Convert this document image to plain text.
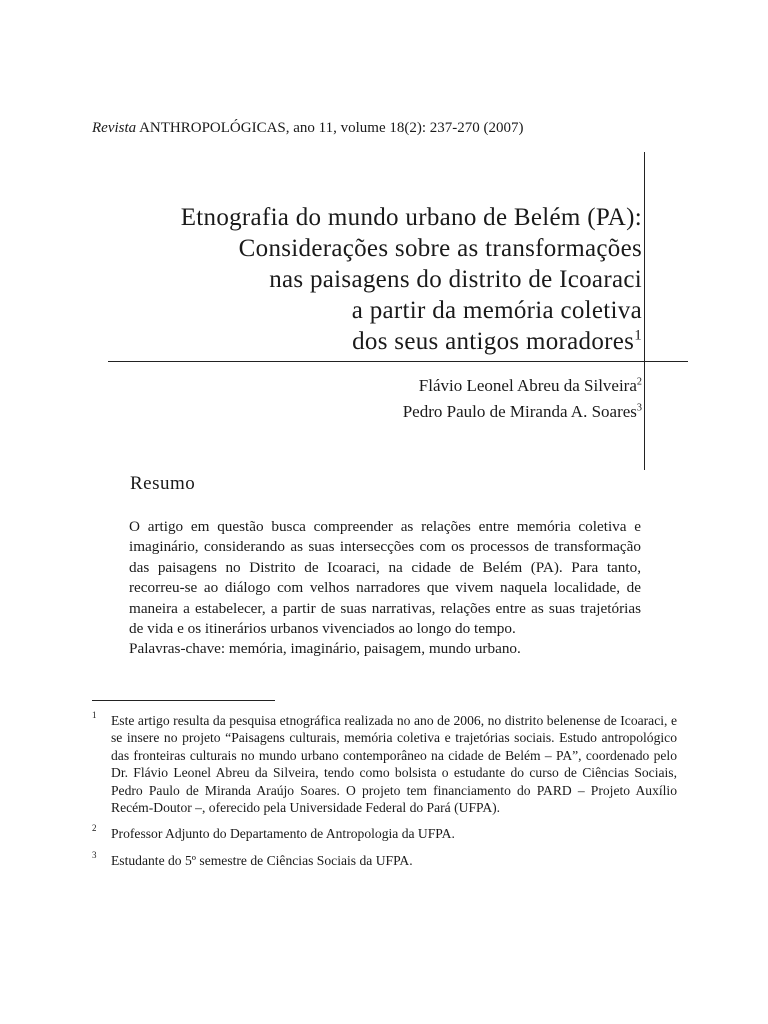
Revista ANTHROPOLÓGICAS, ano 11, volume 18(2): 237-270 (2007)
Etnografia do mundo urbano de Belém (PA):
Considerações sobre as transformações
nas paisagens do distrito de Icoaraci
a partir da memória coletiva
dos seus antigos moradores$^1$
Flávio Leonel Abreu da Silveira$^2$
Pedro Paulo de Miranda A. Soares$^3$
Resumo

O artigo em questão busca compreender as relações entre memória coletiva e imaginário, considerando as suas intersecções com os processos de transformação das paisagens no Distrito de Icoaraci, na cidade de Belém (PA). Para tanto, recorreu-se ao diálogo com velhos narradores que vivem naquela localidade, de maneira a estabelecer, a partir de suas narrativas, relações entre as suas trajetórias de vida e os itinerários urbanos vivenciados ao longo do tempo.

Palavras-chave: memória, imaginário, paisagem, mundo urbano.

1 Este artigo resulta da pesquisa etnográfica realizada no ano de 2006, no distrito belenense de Icoaraci, e se insere no projeto “Paisagens culturais, memória coletiva e trajetórias sociais. Estudo antropológico das fronteiras culturais no mundo urbano contemporâneo na cidade de Belém – PA”, coordenado pelo Dr. Flávio Leonel Abreu da Silveira, tendo como bolsista o estudante do curso de Ciências Sociais, Pedro Paulo de Miranda Araújo Soares. O projeto tem financiamento do PARD – Projeto Auxílio Recém-Doutor –, oferecido pela Universidade Federal do Pará (UFPA).
2 Professor Adjunto do Departamento de Antropologia da UFPA.
3 Estudante do 5º semestre de Ciências Sociais da UFPA.
